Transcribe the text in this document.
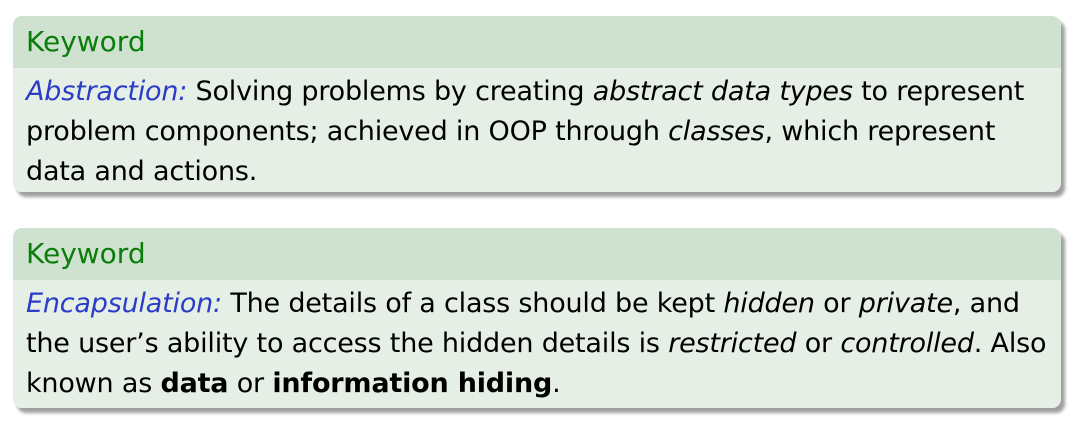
Keyword
Abstraction: Solving problems by creating abstract data types to represent problem components; achieved in OOP through classes, which represent data and actions.
Keyword
Encapsulation: The details of a class should be kept hidden or private, and the user’s ability to access the hidden details is restricted or controlled. Also known as data or information hiding.
